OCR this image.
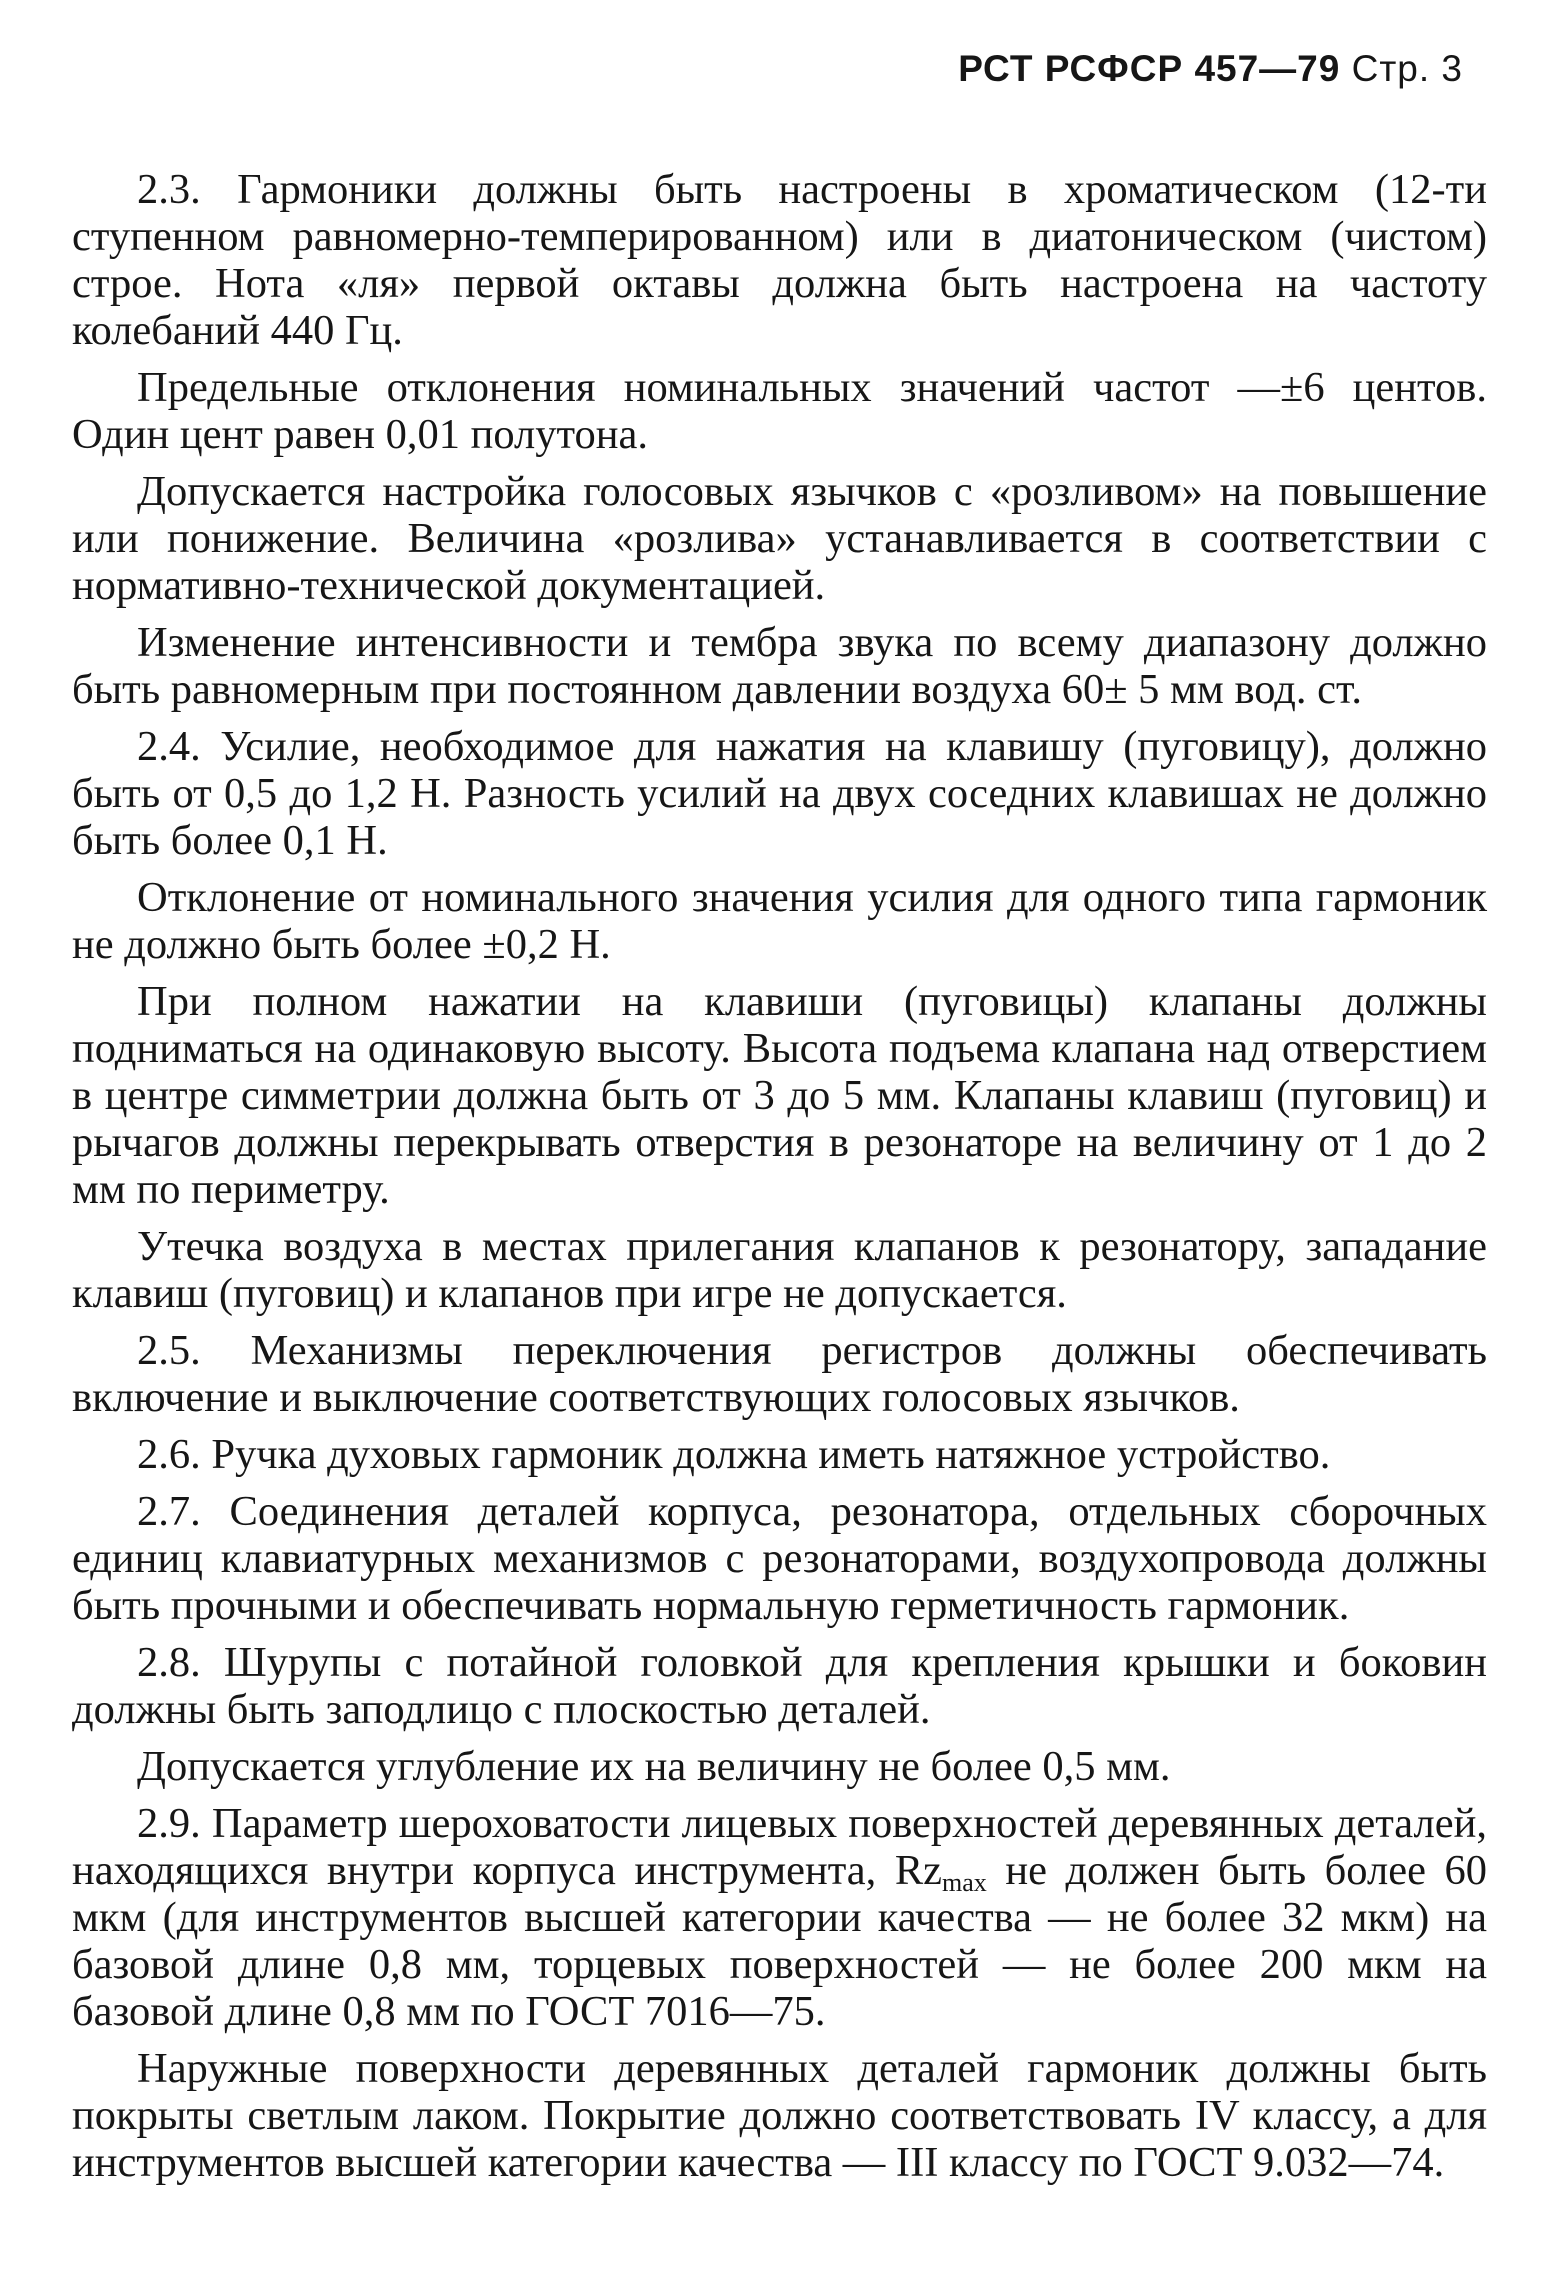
РСТ РСФСР 457—79 Стр. 3

2.3. Гармоники должны быть настроены в хроматическом (12-ти ступенном равномерно-темперированном) или в диатоническом (чистом) строе. Нота «ля» первой октавы должна быть настроена на частоту колебаний 440 Гц.

Предельные отклонения номинальных значений частот —±6 центов. Один цент равен 0,01 полутона.

Допускается настройка голосовых язычков с «розливом» на повышение или понижение. Величина «розлива» устанавливается в соответствии с нормативно-технической документацией.

Изменение интенсивности и тембра звука по всему диапазону должно быть равномерным при постоянном давлении воздуха 60± 5 мм вод. ст.

2.4. Усилие, необходимое для нажатия на клавишу (пуговицу), должно быть от 0,5 до 1,2 Н. Разность усилий на двух соседних клавишах не должно быть более 0,1 Н.

Отклонение от номинального значения усилия для одного типа гармоник не должно быть более ±0,2 Н.

При полном нажатии на клавиши (пуговицы) клапаны должны подниматься на одинаковую высоту. Высота подъема клапана над отверстием в центре симметрии должна быть от 3 до 5 мм. Клапаны клавиш (пуговиц) и рычагов должны перекрывать отверстия в резонаторе на величину от 1 до 2 мм по периметру.

Утечка воздуха в местах прилегания клапанов к резонатору, западание клавиш (пуговиц) и клапанов при игре не допускается.

2.5. Механизмы переключения регистров должны обеспечивать включение и выключение соответствующих голосовых язычков.

2.6. Ручка духовых гармоник должна иметь натяжное устройство.

2.7. Соединения деталей корпуса, резонатора, отдельных сборочных единиц клавиатурных механизмов с резонаторами, воздухопровода должны быть прочными и обеспечивать нормальную герметичность гармоник.

2.8. Шурупы с потайной головкой для крепления крышки и боковин должны быть заподлицо с плоскостью деталей.

Допускается углубление их на величину не более 0,5 мм.

2.9. Параметр шероховатости лицевых поверхностей деревянных деталей, находящихся внутри корпуса инструмента, $Rz_{max}$ не должен быть более 60 мкм (для инструментов высшей категории качества — не более 32 мкм) на базовой длине 0,8 мм, торцевых поверхностей — не более 200 мкм на базовой длине 0,8 мм по ГОСТ 7016—75.

Наружные поверхности деревянных деталей гармоник должны быть покрыты светлым лаком. Покрытие должно соответствовать IV классу, а для инструментов высшей категории качества — III классу по ГОСТ 9.032—74.
